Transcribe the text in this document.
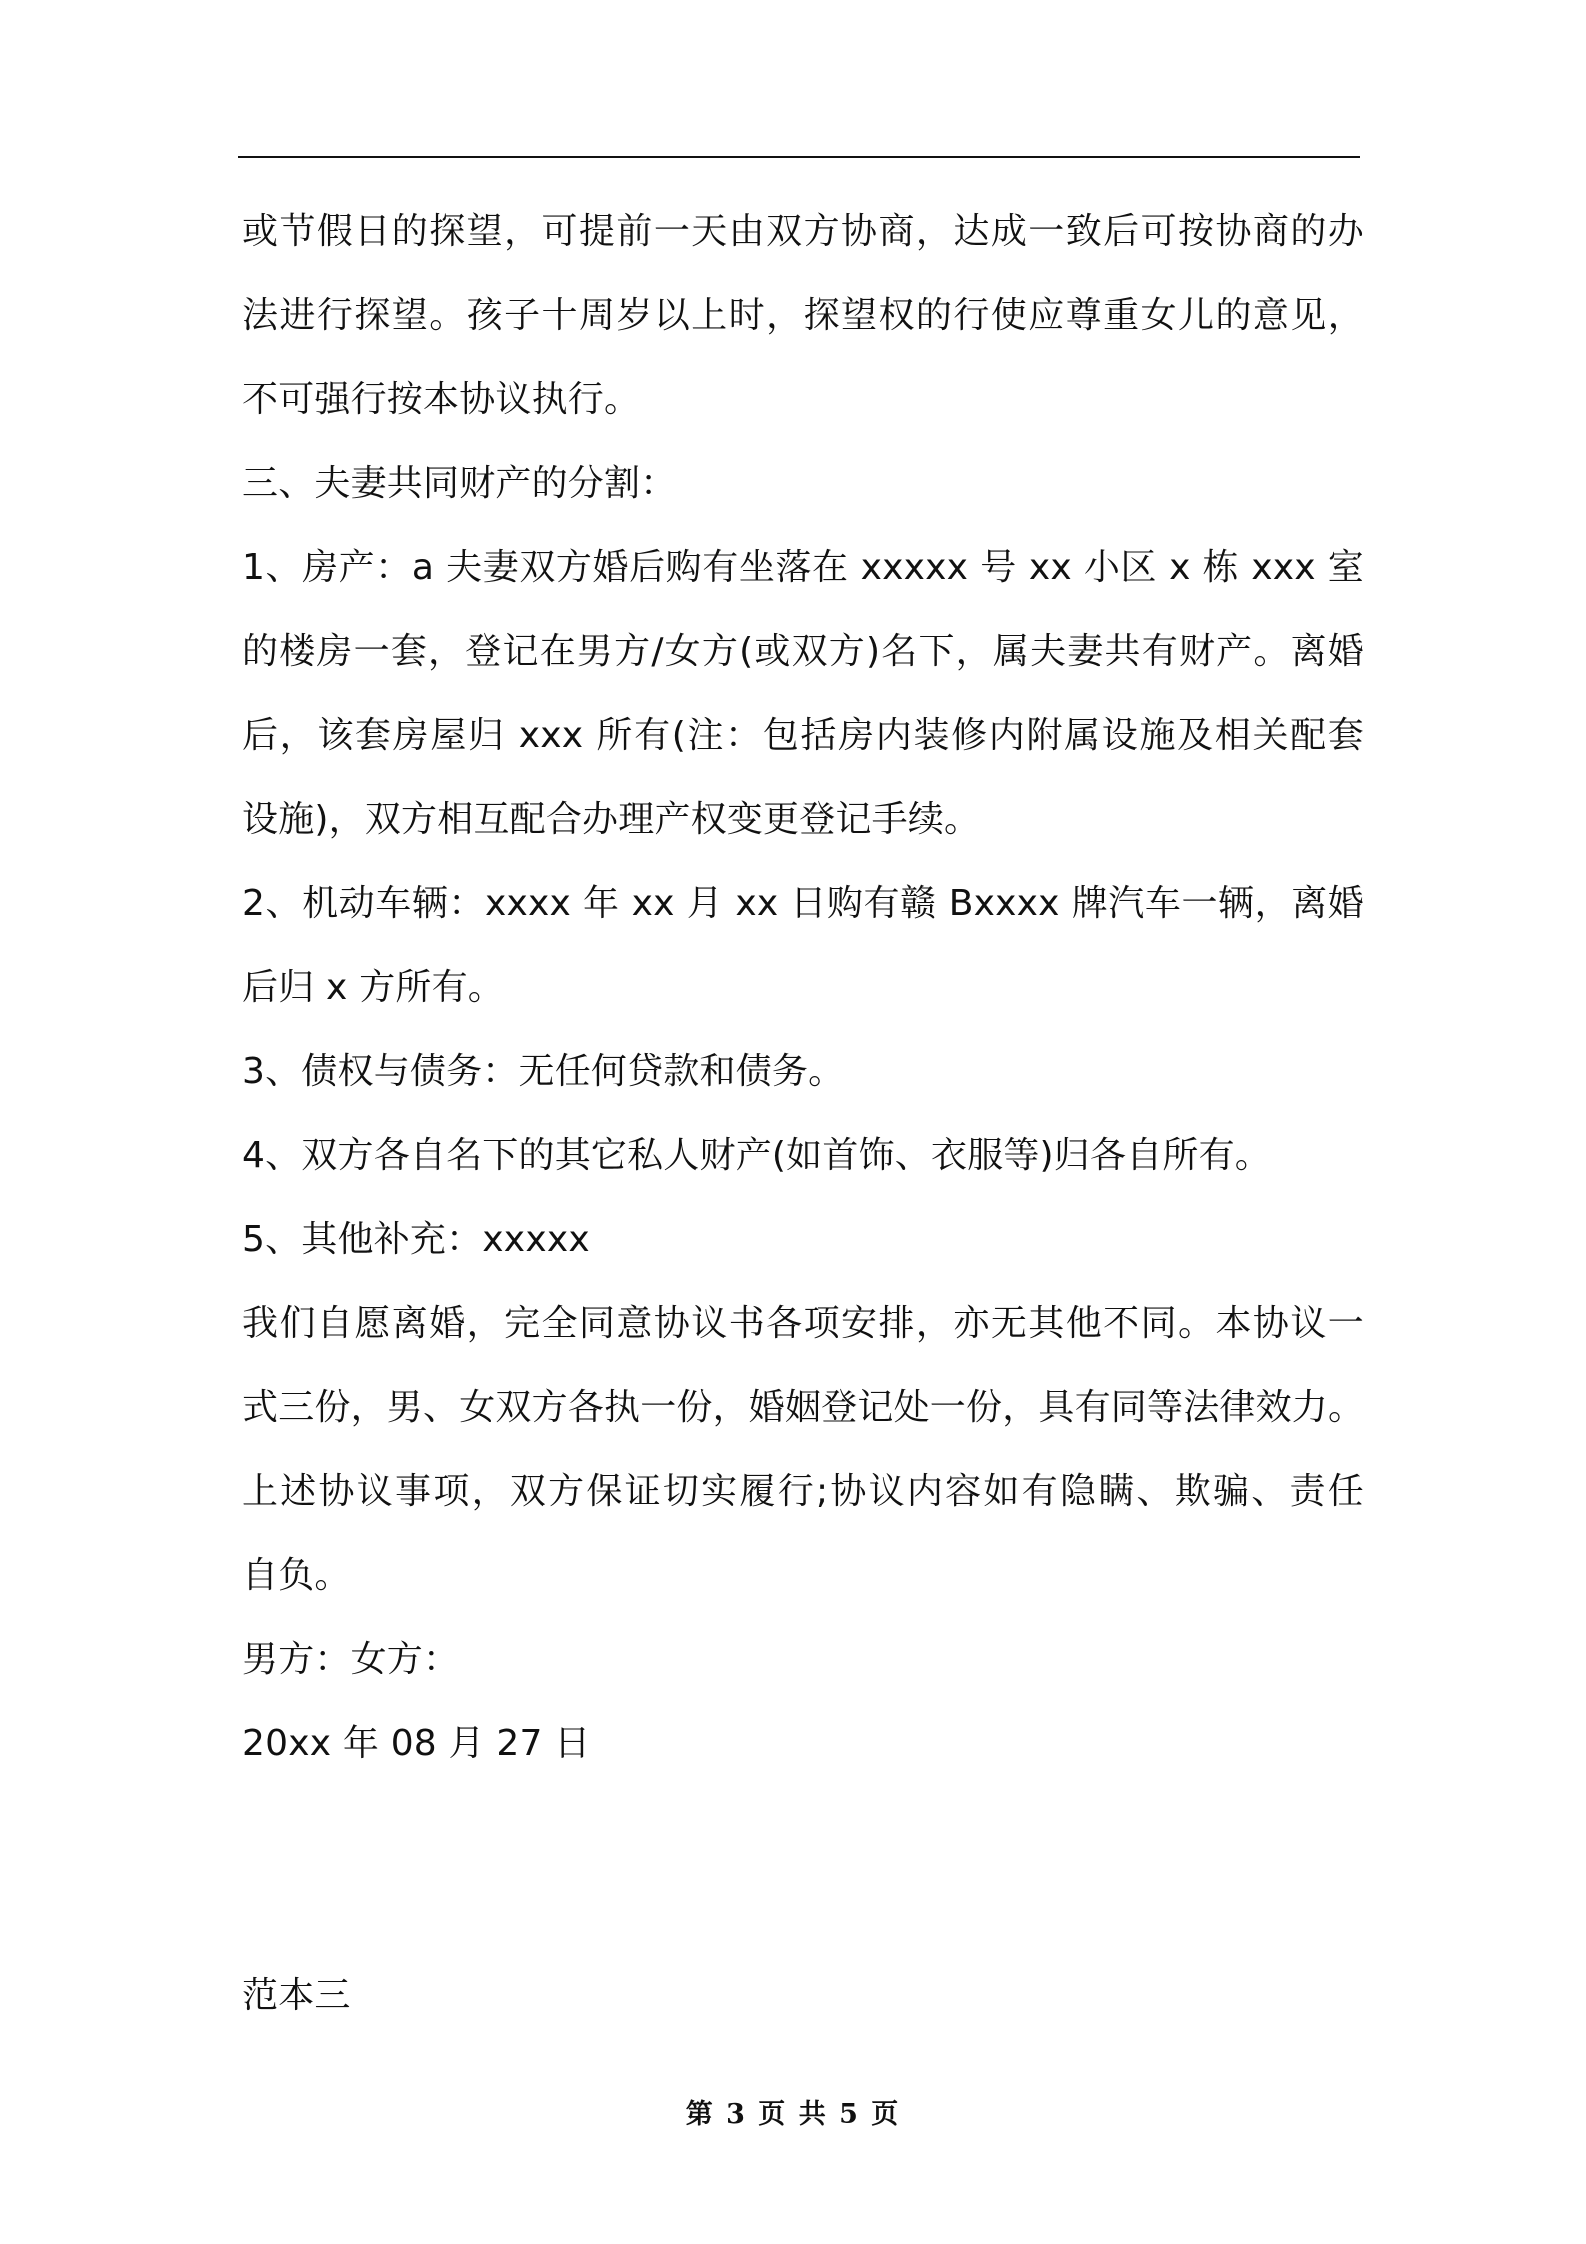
或节假日的探望，可提前一天由双方协商，达成一致后可按协商的办
法进行探望。孩子十周岁以上时，探望权的行使应尊重女儿的意见，
不可强行按本协议执行。
三、夫妻共同财产的分割：
1、房产：a 夫妻双方婚后购有坐落在 xxxxx 号 xx 小区 x 栋 xxx 室
的楼房一套，登记在男方/女方(或双方)名下，属夫妻共有财产。离婚
后，该套房屋归 xxx 所有(注：包括房内装修内附属设施及相关配套
设施)，双方相互配合办理产权变更登记手续。
2、机动车辆：xxxx 年 xx 月 xx 日购有赣 Bxxxx 牌汽车一辆，离婚
后归 x 方所有。
3、债权与债务：无任何贷款和债务。
4、双方各自名下的其它私人财产(如首饰、衣服等)归各自所有。
5、其他补充：xxxxx
我们自愿离婚，完全同意协议书各项安排，亦无其他不同。本协议一
式三份，男、女双方各执一份，婚姻登记处一份，具有同等法律效力。
上述协议事项，双方保证切实履行;协议内容如有隐瞒、欺骗、责任
自负。
男方：女方：
20xx 年 08 月 27 日
范本三
第 3 页 共 5 页
